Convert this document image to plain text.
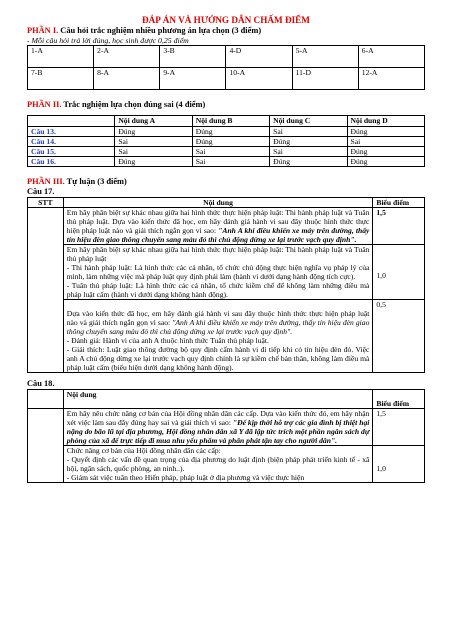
ĐÁP ÁN VÀ HƯỚNG DẪN CHẤM ĐIỂM
PHẦN I. Câu hỏi trắc nghiệm nhiều phương án lựa chọn (3 điểm)
- Mỗi câu hỏi trả lời đúng, học sinh được 0,25 điểm
1-A	2-A	3-B	4-D	5-A	6-A
7-B	8-A	9-A	10-A	11-D	12-A
PHẦN II. Trắc nghiệm lựa chọn đúng sai (4 điểm)
	Nội dung A	Nội dung B	Nội dung C	Nội dung D
Câu 13.	Đúng	Đúng	Sai	Đúng
Câu 14.	Sai	Đúng	Đúng	Sai
Câu 15.	Sai	Sai	Sai	Đúng
Câu 16.	Đúng	Sai	Đúng	Đúng
PHẦN III. Tự luận (3 điểm)
Câu 17.
STT	Nội dung	Biểu điểm
	Em hãy phân biệt sự khác nhau giữa hai hình thức thực hiện pháp luật: Thi hành pháp luật và Tuân thủ pháp luật. Dựa vào kiến thức đã học, em hãy đánh giá hành vi sau đây thuộc hình thức thực hiện pháp luật nào và giải thích ngắn gọn vì sao: "Anh A khi điều khiển xe máy trên đường, thấy tín hiệu đèn giao thông chuyển sang màu đỏ thì chủ động dừng xe lại trước vạch quy định".	1,5

	Em hãy phân biệt sự khác nhau giữa hai hình thức thực hiện pháp luật: Thi hành pháp luật và Tuân thủ pháp luật
- Thi hành pháp luật: Là hình thức các cá nhân, tổ chức chủ động thực hiện nghĩa vụ pháp lý của mình, làm những việc mà pháp luật quy định phải làm (hành vi dưới dạng hành động tích cực).
- Tuân thủ pháp luật: Là hình thức các cá nhân, tổ chức kiềm chế để không làm những điều mà pháp luật cấm (hành vi dưới dạng không hành động).	1,0

	Dựa vào kiến thức đã học, em hãy đánh giá hành vi sau đây thuộc hình thức thực hiện pháp luật nào và giải thích ngắn gọn vì sao: "Anh A khi điều khiển xe máy trên đường, thấy tín hiệu đèn giao thông chuyển sang màu đỏ thì chủ động dừng xe lại trước vạch quy định".
- Đánh giá: Hành vi của anh A thuộc hình thức Tuân thủ pháp luật.
- Giải thích: Luật giao thông đường bộ quy định cấm hành vi đi tiếp khi có tín hiệu đèn đỏ. Việc anh A chủ động dừng xe lại trước vạch quy định chính là sự kiềm chế bản thân, không làm điều mà pháp luật cấm (biểu hiện dưới dạng không hành động).	0,5
Câu 18.
	Nội dung	Biểu điểm
	Em hãy nêu chức năng cơ bản của Hội đồng nhân dân các cấp. Dựa vào kiến thức đó, em hãy nhận xét việc làm sau đây đúng hay sai và giải thích vì sao: "Để kịp thời hỗ trợ các gia đình bị thiệt hại nặng do bão lũ tại địa phương, Hội đồng nhân dân xã Y đã lập tức trích một phần ngân sách dự phòng của xã để trực tiếp đi mua nhu yếu phẩm và phân phát tận tay cho người dân".	1,5

	Chức năng cơ bản của Hội đồng nhân dân các cấp:
- Quyết định các vấn đề quan trọng của địa phương do luật định (biện pháp phát triển kinh tế - xã hội, ngân sách, quốc phòng, an ninh..).
- Giám sát việc tuân theo Hiến pháp, pháp luật ở địa phương và việc thực hiện	1,0
